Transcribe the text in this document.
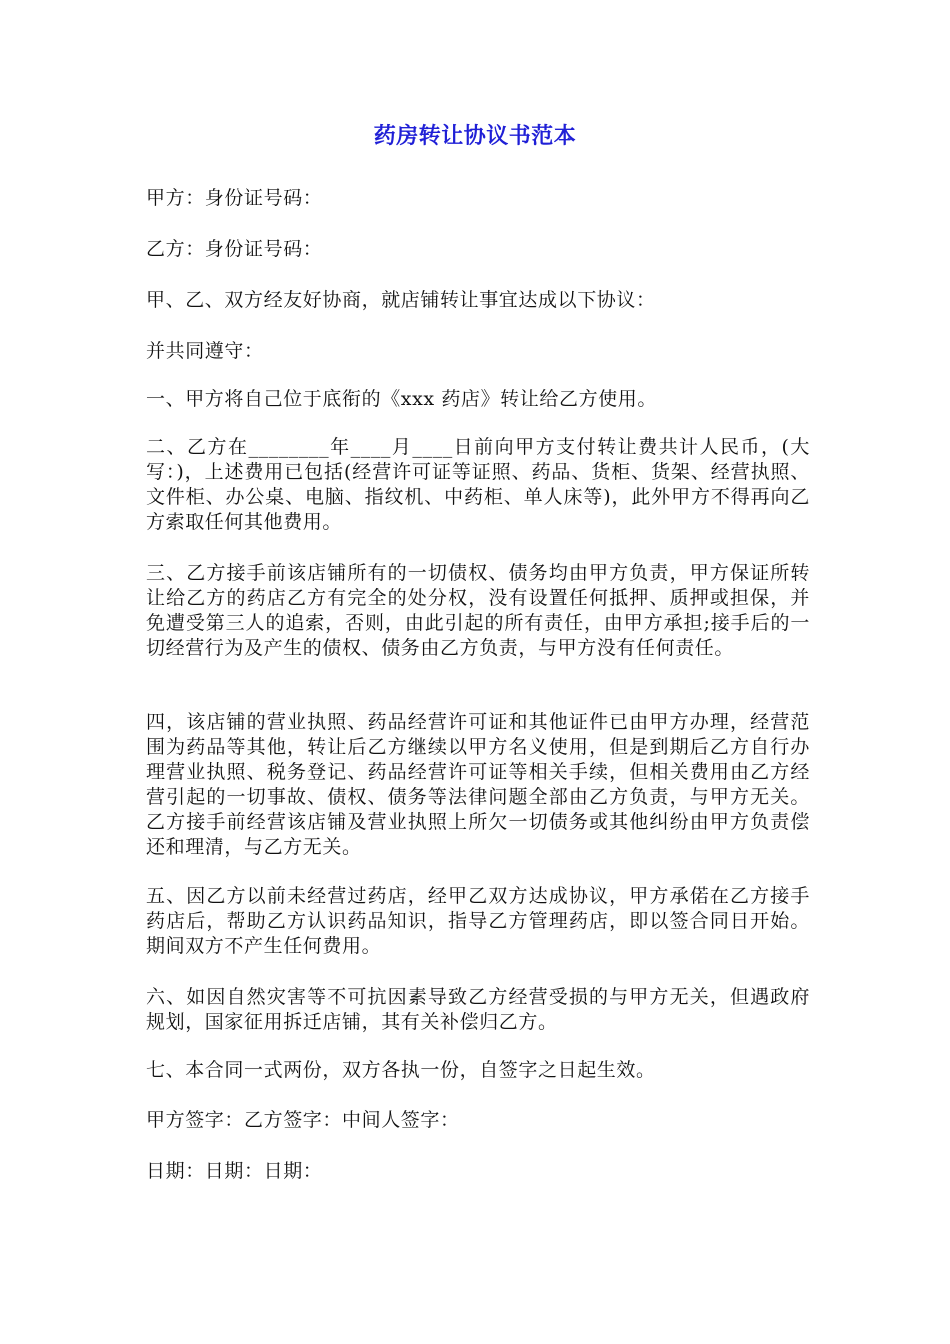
药房转让协议书范本
甲方：身份证号码：
乙方：身份证号码：
甲、乙、双方经友好协商，就店铺转让事宜达成以下协议：
并共同遵守：
一、甲方将自己位于底衔的《xxx 药店》转让给乙方使用。
二、乙方在________年____月____日前向甲方支付转让费共计人民币，(大写：)，上述费用已包括(经营许可证等证照、药品、货柜、货架、经营执照、文件柜、办公桌、电脑、指纹机、中药柜、单人床等)，此外甲方不得再向乙方索取任何其他费用。
三、乙方接手前该店铺所有的一切债权、债务均由甲方负责，甲方保证所转让给乙方的药店乙方有完全的处分权，没有设置任何抵押、质押或担保，并免遭受第三人的追索，否则，由此引起的所有责任，由甲方承担;接手后的一切经营行为及产生的债权、债务由乙方负责，与甲方没有任何责任。
四，该店铺的营业执照、药品经营许可证和其他证件已由甲方办理，经营范围为药品等其他，转让后乙方继续以甲方名义使用，但是到期后乙方自行办理营业执照、税务登记、药品经营许可证等相关手续，但相关费用由乙方经营引起的一切事故、债权、债务等法律问题全部由乙方负责，与甲方无关。乙方接手前经营该店铺及营业执照上所欠一切债务或其他纠纷由甲方负责偿还和理清，与乙方无关。
五、因乙方以前未经营过药店，经甲乙双方达成协议，甲方承偌在乙方接手药店后，帮助乙方认识药品知识，指导乙方管理药店，即以签合同日开始。期间双方不产生任何费用。
六、如因自然灾害等不可抗因素导致乙方经营受损的与甲方无关，但遇政府规划，国家征用拆迁店铺，其有关补偿归乙方。
七、本合同一式两份，双方各执一份，自签字之日起生效。
甲方签字：乙方签字：中间人签字：
日期：日期：日期：
